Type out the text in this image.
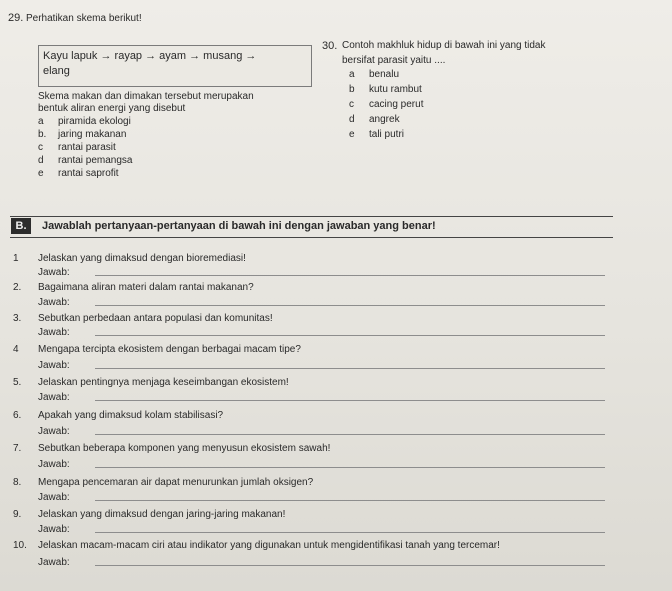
29. Perhatikan skema berikut!
Kayu lapuk → rayap → ayam → musang →
elang
Skema makan dan dimakan tersebut merupakan
bentuk aliran energi yang disebut
a piramida ekologi
b. jaring makanan
c rantai parasit
d rantai pemangsa
e rantai saprofit
30. Contoh makhluk hidup di bawah ini yang tidak
bersifat parasit yaitu ....
a benalu
b kutu rambut
c cacing perut
d angrek
e tali putri
B.	Jawablah pertanyaan-pertanyaan di bawah ini dengan jawaban yang benar!
1 Jelaskan yang dimaksud dengan bioremediasi!
Jawab:
2. Bagaimana aliran materi dalam rantai makanan?
Jawab:
3. Sebutkan perbedaan antara populasi dan komunitas!
Jawab:
4 Mengapa tercipta ekosistem dengan berbagai macam tipe?
Jawab:
5. Jelaskan pentingnya menjaga keseimbangan ekosistem!
Jawab:
6. Apakah yang dimaksud kolam stabilisasi?
Jawab:
7. Sebutkan beberapa komponen yang menyusun ekosistem sawah!
Jawab:
8. Mengapa pencemaran air dapat menurunkan jumlah oksigen?
Jawab:
9. Jelaskan yang dimaksud dengan jaring-jaring makanan!
Jawab:
10. Jelaskan macam-macam ciri atau indikator yang digunakan untuk mengidentifikasi tanah yang tercemar!
Jawab:
